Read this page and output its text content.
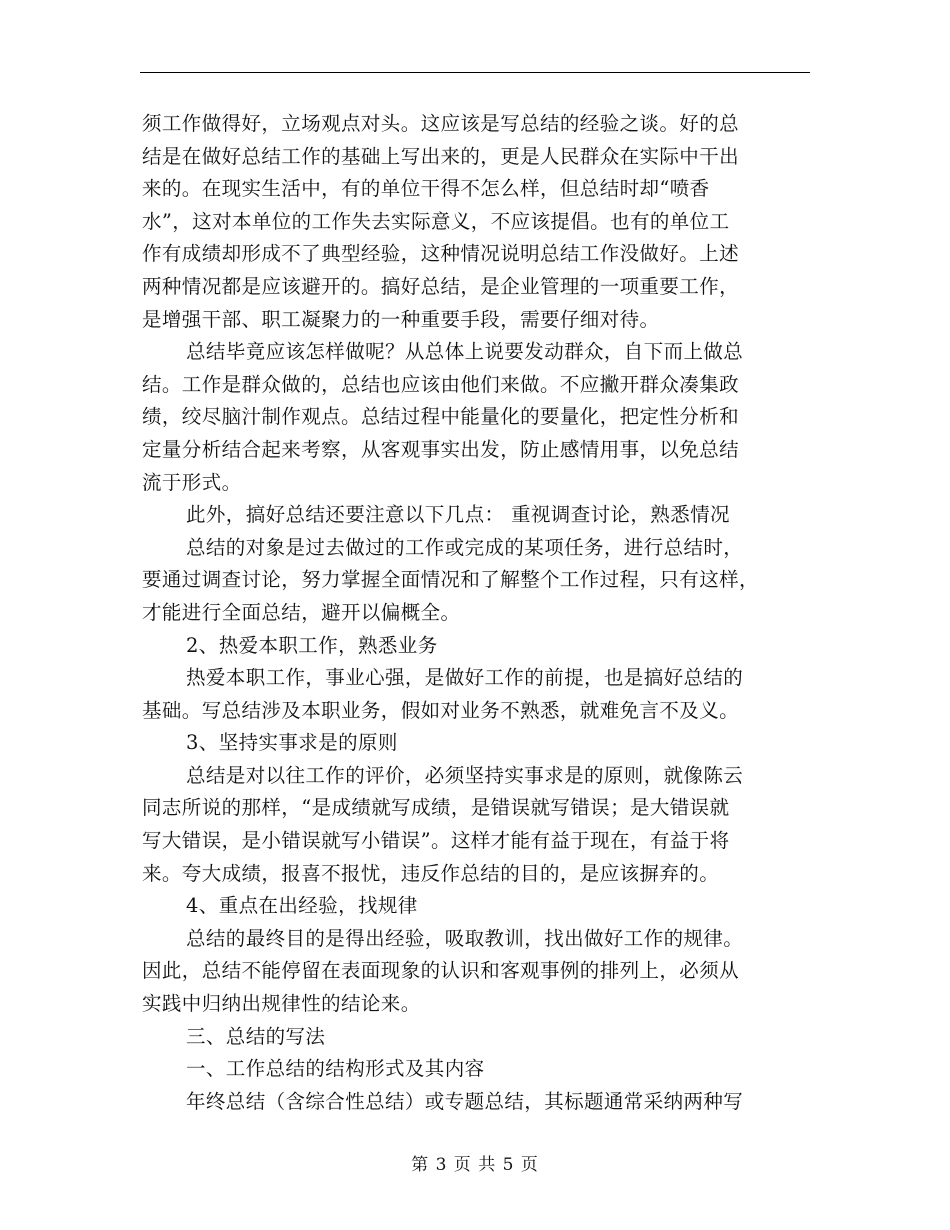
须工作做得好，立场观点对头。这应该是写总结的经验之谈。好的总
结是在做好总结工作的基础上写出来的，更是人民群众在实际中干出
来的。在现实生活中，有的单位干得不怎么样，但总结时却“喷香
水”，这对本单位的工作失去实际意义，不应该提倡。也有的单位工
作有成绩却形成不了典型经验，这种情况说明总结工作没做好。上述
两种情况都是应该避开的。搞好总结，是企业管理的一项重要工作，
是增强干部、职工凝聚力的一种重要手段，需要仔细对待。
总结毕竟应该怎样做呢？从总体上说要发动群众，自下而上做总
结。工作是群众做的，总结也应该由他们来做。不应撇开群众凑集政
绩，绞尽脑汁制作观点。总结过程中能量化的要量化，把定性分析和
定量分析结合起来考察，从客观事实出发，防止感情用事，以免总结
流于形式。
此外，搞好总结还要注意以下几点： 重视调查讨论，熟悉情况
总结的对象是过去做过的工作或完成的某项任务，进行总结时，
要通过调查讨论，努力掌握全面情况和了解整个工作过程，只有这样，
才能进行全面总结，避开以偏概全。
2、热爱本职工作，熟悉业务
热爱本职工作，事业心强，是做好工作的前提，也是搞好总结的
基础。写总结涉及本职业务，假如对业务不熟悉，就难免言不及义。
3、坚持实事求是的原则
总结是对以往工作的评价，必须坚持实事求是的原则，就像陈云
同志所说的那样，“是成绩就写成绩，是错误就写错误；是大错误就
写大错误，是小错误就写小错误”。这样才能有益于现在，有益于将
来。夸大成绩，报喜不报忧，违反作总结的目的，是应该摒弃的。
4、重点在出经验，找规律
总结的最终目的是得出经验，吸取教训，找出做好工作的规律。
因此，总结不能停留在表面现象的认识和客观事例的排列上，必须从
实践中归纳出规律性的结论来。
三、总结的写法
一、工作总结的结构形式及其内容
年终总结（含综合性总结）或专题总结，其标题通常采纳两种写
第 3 页 共 5 页
